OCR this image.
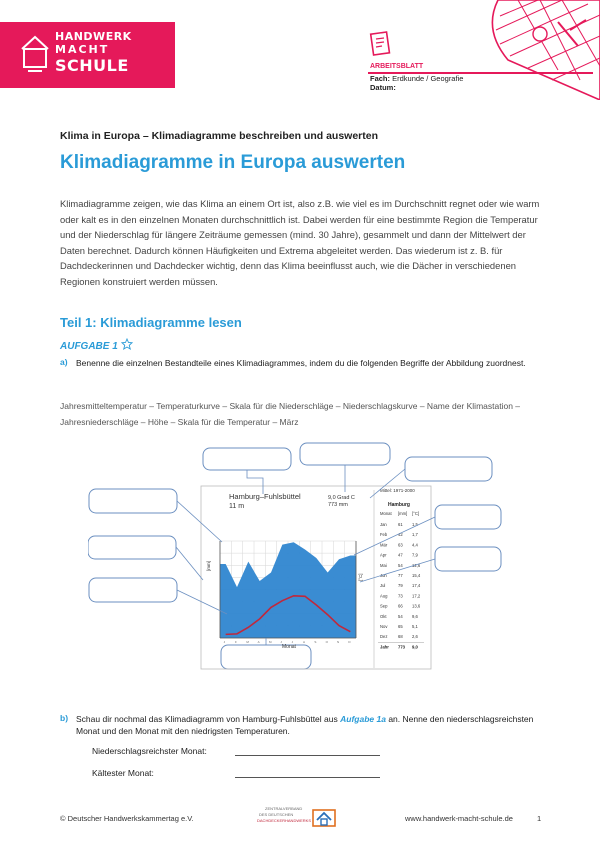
HANDWERK
MACHT
SCHULE	ARBEITSBLATT
Fach: Erdkunde / Geografie
Datum:
Klima in Europa – Klimadiagramme beschreiben und auswerten
Klimadiagramme in Europa auswerten

Klimadiagramme zeigen, wie das Klima an einem Ort ist, also z.B. wie viel es im Durchschnitt regnet oder wie warm oder kalt es in den einzelnen Monaten durchschnittlich ist. Dabei werden für eine bestimmte Region die Temperatur und der Niederschlag für längere Zeiträume gemessen (mind. 30 Jahre), gesammelt und dann der Mittelwert der Daten berechnet. Dadurch können Häufigkeiten und Extrema abgeleitet werden. Das wiederum ist z. B. für Dachdeckerinnen und Dachdecker wichtig, denn das Klima beeinflusst auch, wie die Dächer in verschiedenen Regionen konstruiert werden müssen.

Teil 1: Klimadiagramme lesen
AUFGABE 1
a) Benenne die einzelnen Bestandteile eines Klimadiagrammes, indem du die folgenden Begriffe der Abbildung zuordnest.

Jahresmitteltemperatur – Temperaturkurve – Skala für die Niederschläge – Niederschlagskurve – Name der Klimastation – Jahresniederschläge – Höhe – Skala für die Temperatur – März

Hamburg–Fuhlsbüttel
11 m
9,0 Grad C
773 mm
Mittel: 1971-2000
Monat
[mm]
[°C]
J	F	M	A	M	J	J	A	S	O	N	D
Hamburg
Monat [mm] [°C]
Jan	61 1,5
Feb	42 1,7
Mär	63 4,4
Apr	47 7,9
Mai	54 12,6
Jun	77 15,4
Jul	79 17,4
Aug	73 17,2
Sep	66 13,6
Okt	54 9,6
Nov	65 5,1
Dez	68 2,6
Jahr 773 9,0
b) Schau dir nochmal das Klimadiagramm von Hamburg-Fuhlsbüttel aus Aufgabe 1a an. Nenne den niederschlagsreichsten Monat und den Monat mit den niedrigsten Temperaturen.

Niederschlagsreichster Monat:
Kältester Monat:
© Deutscher Handwerkskammertag e.V.
ZENTRALVERBAND
DES DEUTSCHEN
DACHDECKERHANDWERKS	www.handwerk-macht-schule.de	1
